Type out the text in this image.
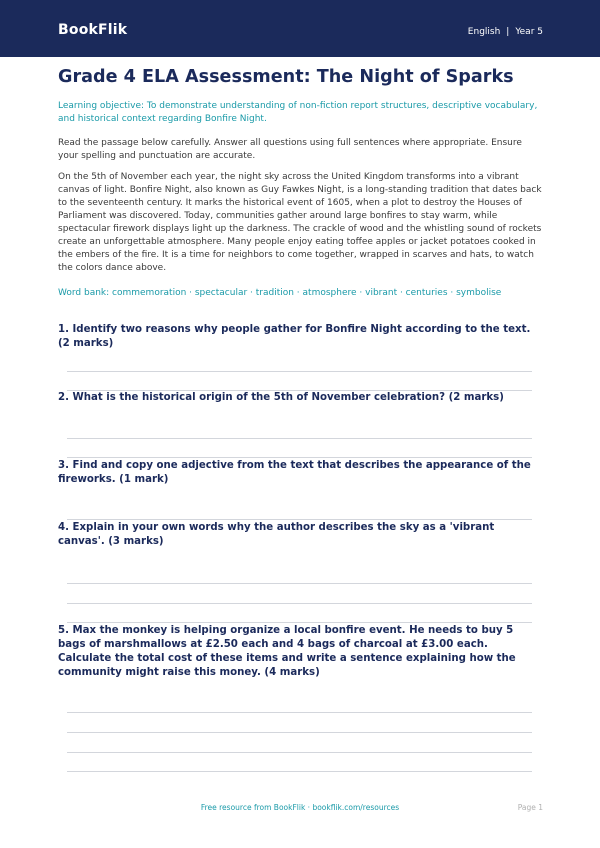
BookFlik	English | Year 5
Grade 4 ELA Assessment: The Night of Sparks
Learning objective: To demonstrate understanding of non-fiction report structures, descriptive vocabulary, and historical context regarding Bonfire Night.
Read the passage below carefully. Answer all questions using full sentences where appropriate. Ensure your spelling and punctuation are accurate.
On the 5th of November each year, the night sky across the United Kingdom transforms into a vibrant canvas of light. Bonfire Night, also known as Guy Fawkes Night, is a long-standing tradition that dates back to the seventeenth century. It marks the historical event of 1605, when a plot to destroy the Houses of Parliament was discovered. Today, communities gather around large bonfires to stay warm, while spectacular firework displays light up the darkness. The crackle of wood and the whistling sound of rockets create an unforgettable atmosphere. Many people enjoy eating toffee apples or jacket potatoes cooked in the embers of the fire. It is a time for neighbors to come together, wrapped in scarves and hats, to watch the colors dance above.
Word bank: commemoration · spectacular · tradition · atmosphere · vibrant · centuries · symbolise
1. Identify two reasons why people gather for Bonfire Night according to the text. (2 marks)
2. What is the historical origin of the 5th of November celebration? (2 marks)
3. Find and copy one adjective from the text that describes the appearance of the fireworks. (1 mark)
4. Explain in your own words why the author describes the sky as a 'vibrant canvas'. (3 marks)
5. Max the monkey is helping organize a local bonfire event. He needs to buy 5 bags of marshmallows at £2.50 each and 4 bags of charcoal at £3.00 each. Calculate the total cost of these items and write a sentence explaining how the community might raise this money. (4 marks)
Free resource from BookFlik · bookflik.com/resources	Page 1
